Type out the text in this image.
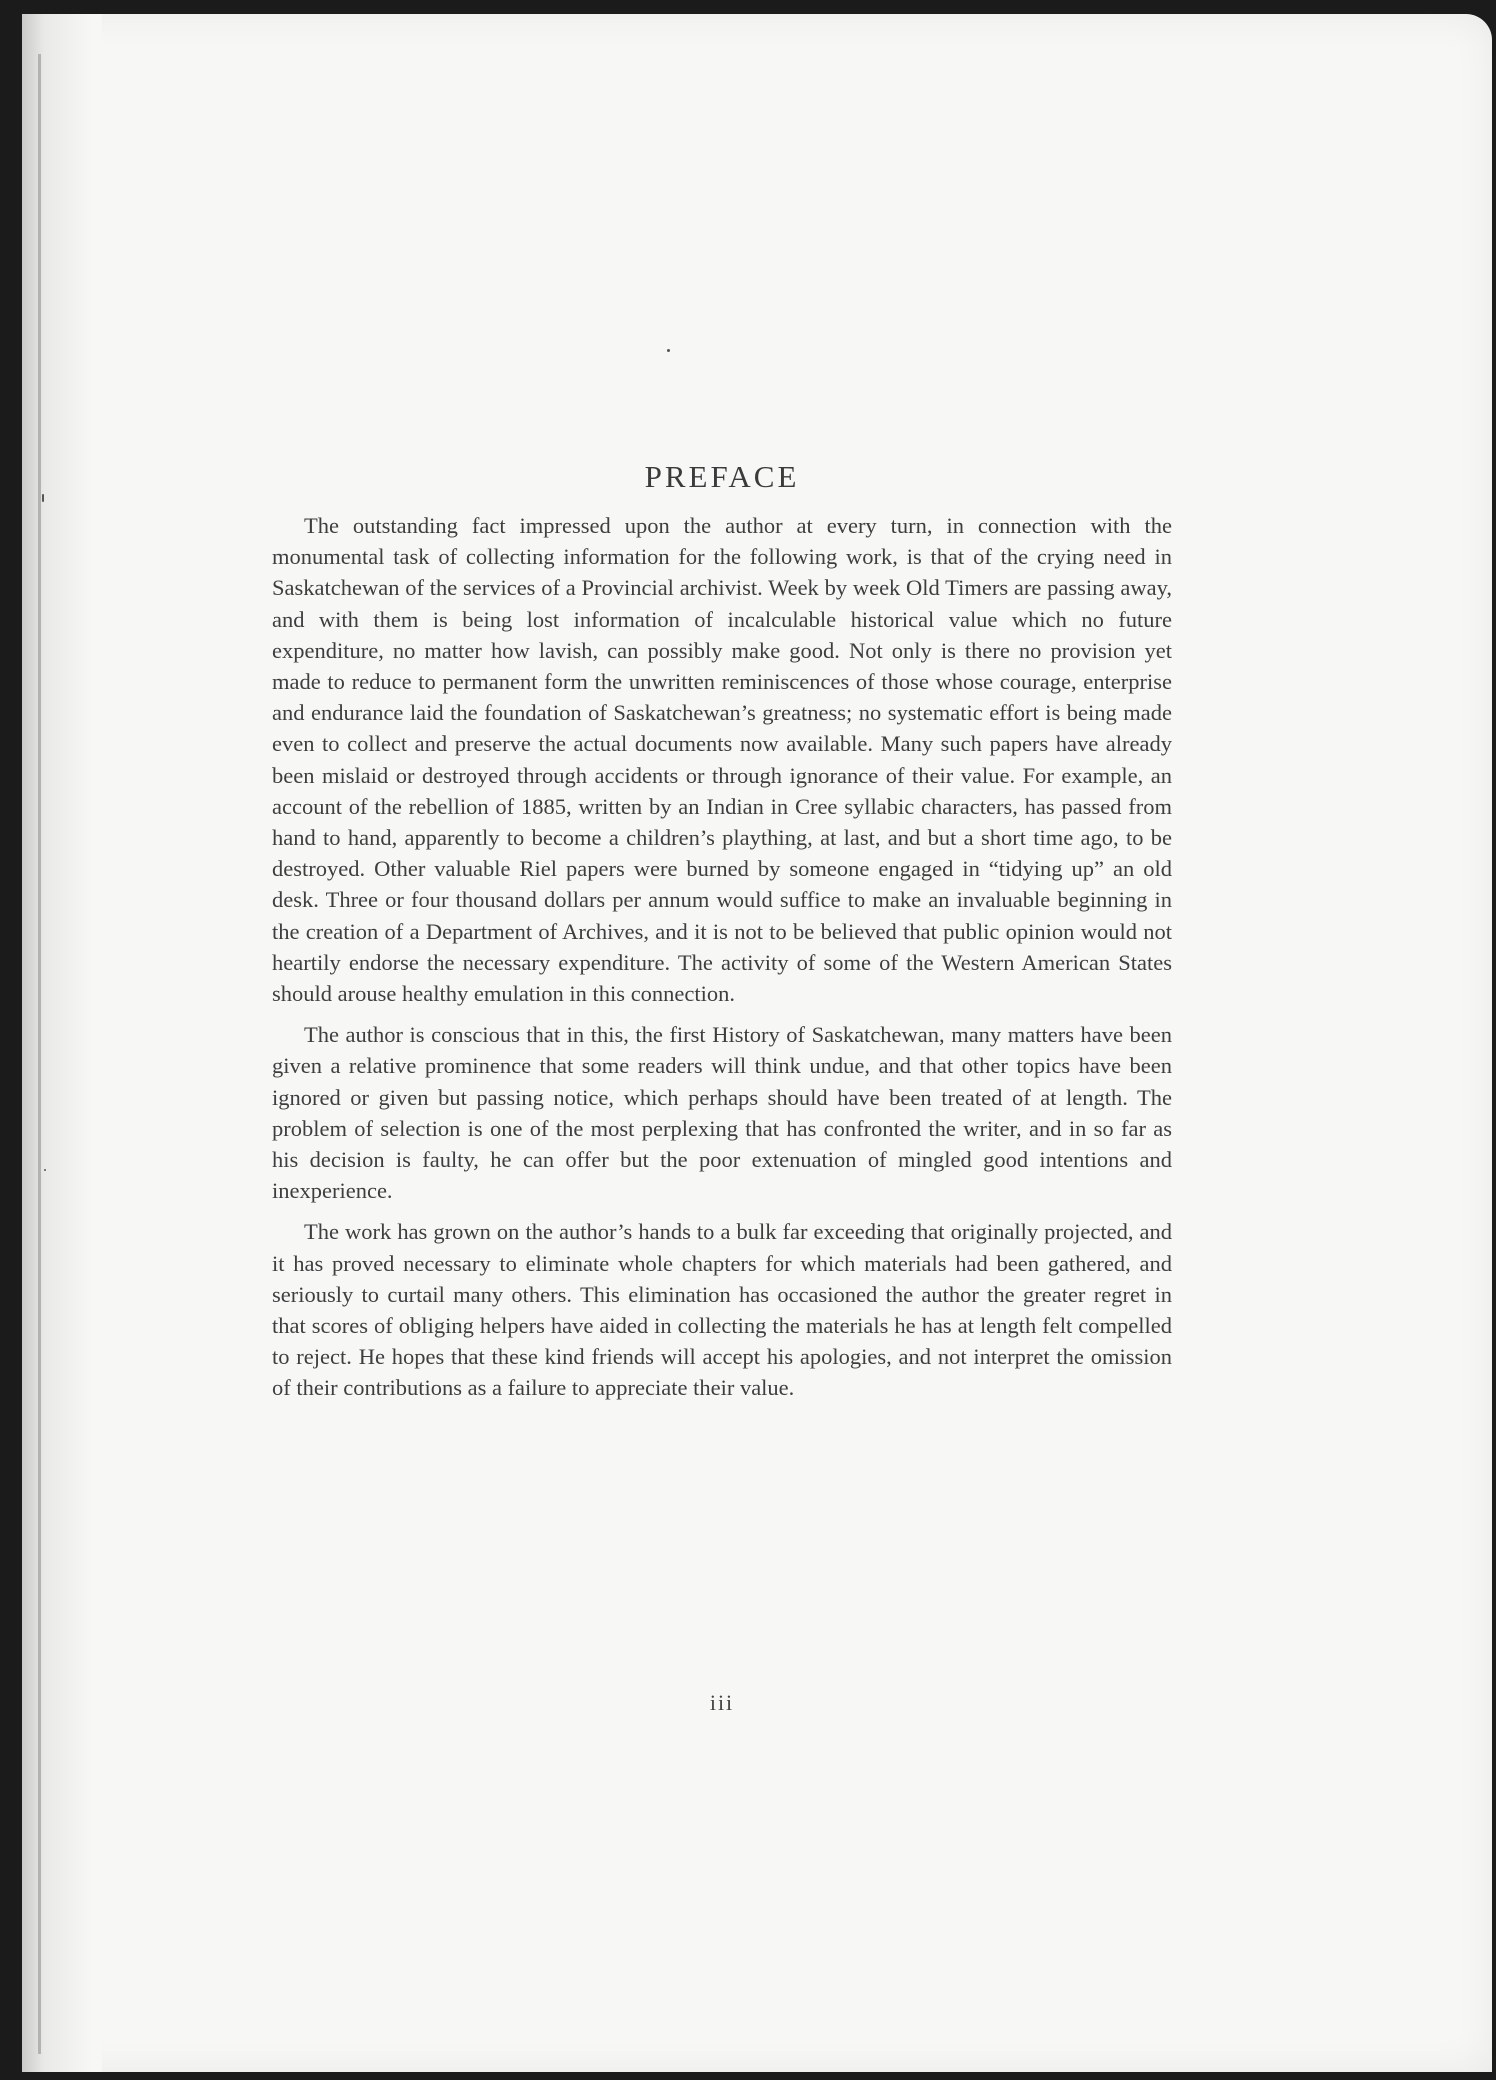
PREFACE

The outstanding fact impressed upon the author at every turn, in connection with the monumental task of collecting information for the following work, is that of the crying need in Saskatchewan of the services of a Provincial archivist. Week by week Old Timers are passing away, and with them is being lost information of incalculable historical value which no future expenditure, no matter how lavish, can possibly make good. Not only is there no provision yet made to reduce to permanent form the unwritten reminiscences of those whose courage, enterprise and endurance laid the foundation of Saskatchewan’s greatness; no systematic effort is being made even to collect and preserve the actual documents now available. Many such papers have already been mislaid or destroyed through accidents or through ignorance of their value. For example, an account of the rebellion of 1885, written by an Indian in Cree syllabic characters, has passed from hand to hand, apparently to become a children’s plaything, at last, and but a short time ago, to be destroyed. Other valuable Riel papers were burned by someone engaged in “tidying up” an old desk. Three or four thousand dollars per annum would suffice to make an invaluable beginning in the creation of a Department of Archives, and it is not to be believed that public opinion would not heartily endorse the necessary expenditure. The activity of some of the Western American States should arouse healthy emulation in this connection.

The author is conscious that in this, the first History of Saskatchewan, many matters have been given a relative prominence that some readers will think undue, and that other topics have been ignored or given but passing notice, which perhaps should have been treated of at length. The problem of selection is one of the most perplexing that has confronted the writer, and in so far as his decision is faulty, he can offer but the poor extenuation of mingled good intentions and inexperience.

The work has grown on the author’s hands to a bulk far exceeding that originally projected, and it has proved necessary to eliminate whole chapters for which materials had been gathered, and seriously to curtail many others. This elimination has occasioned the author the greater regret in that scores of obliging helpers have aided in collecting the materials he has at length felt compelled to reject. He hopes that these kind friends will accept his apologies, and not interpret the omission of their contributions as a failure to appreciate their value.

iii
